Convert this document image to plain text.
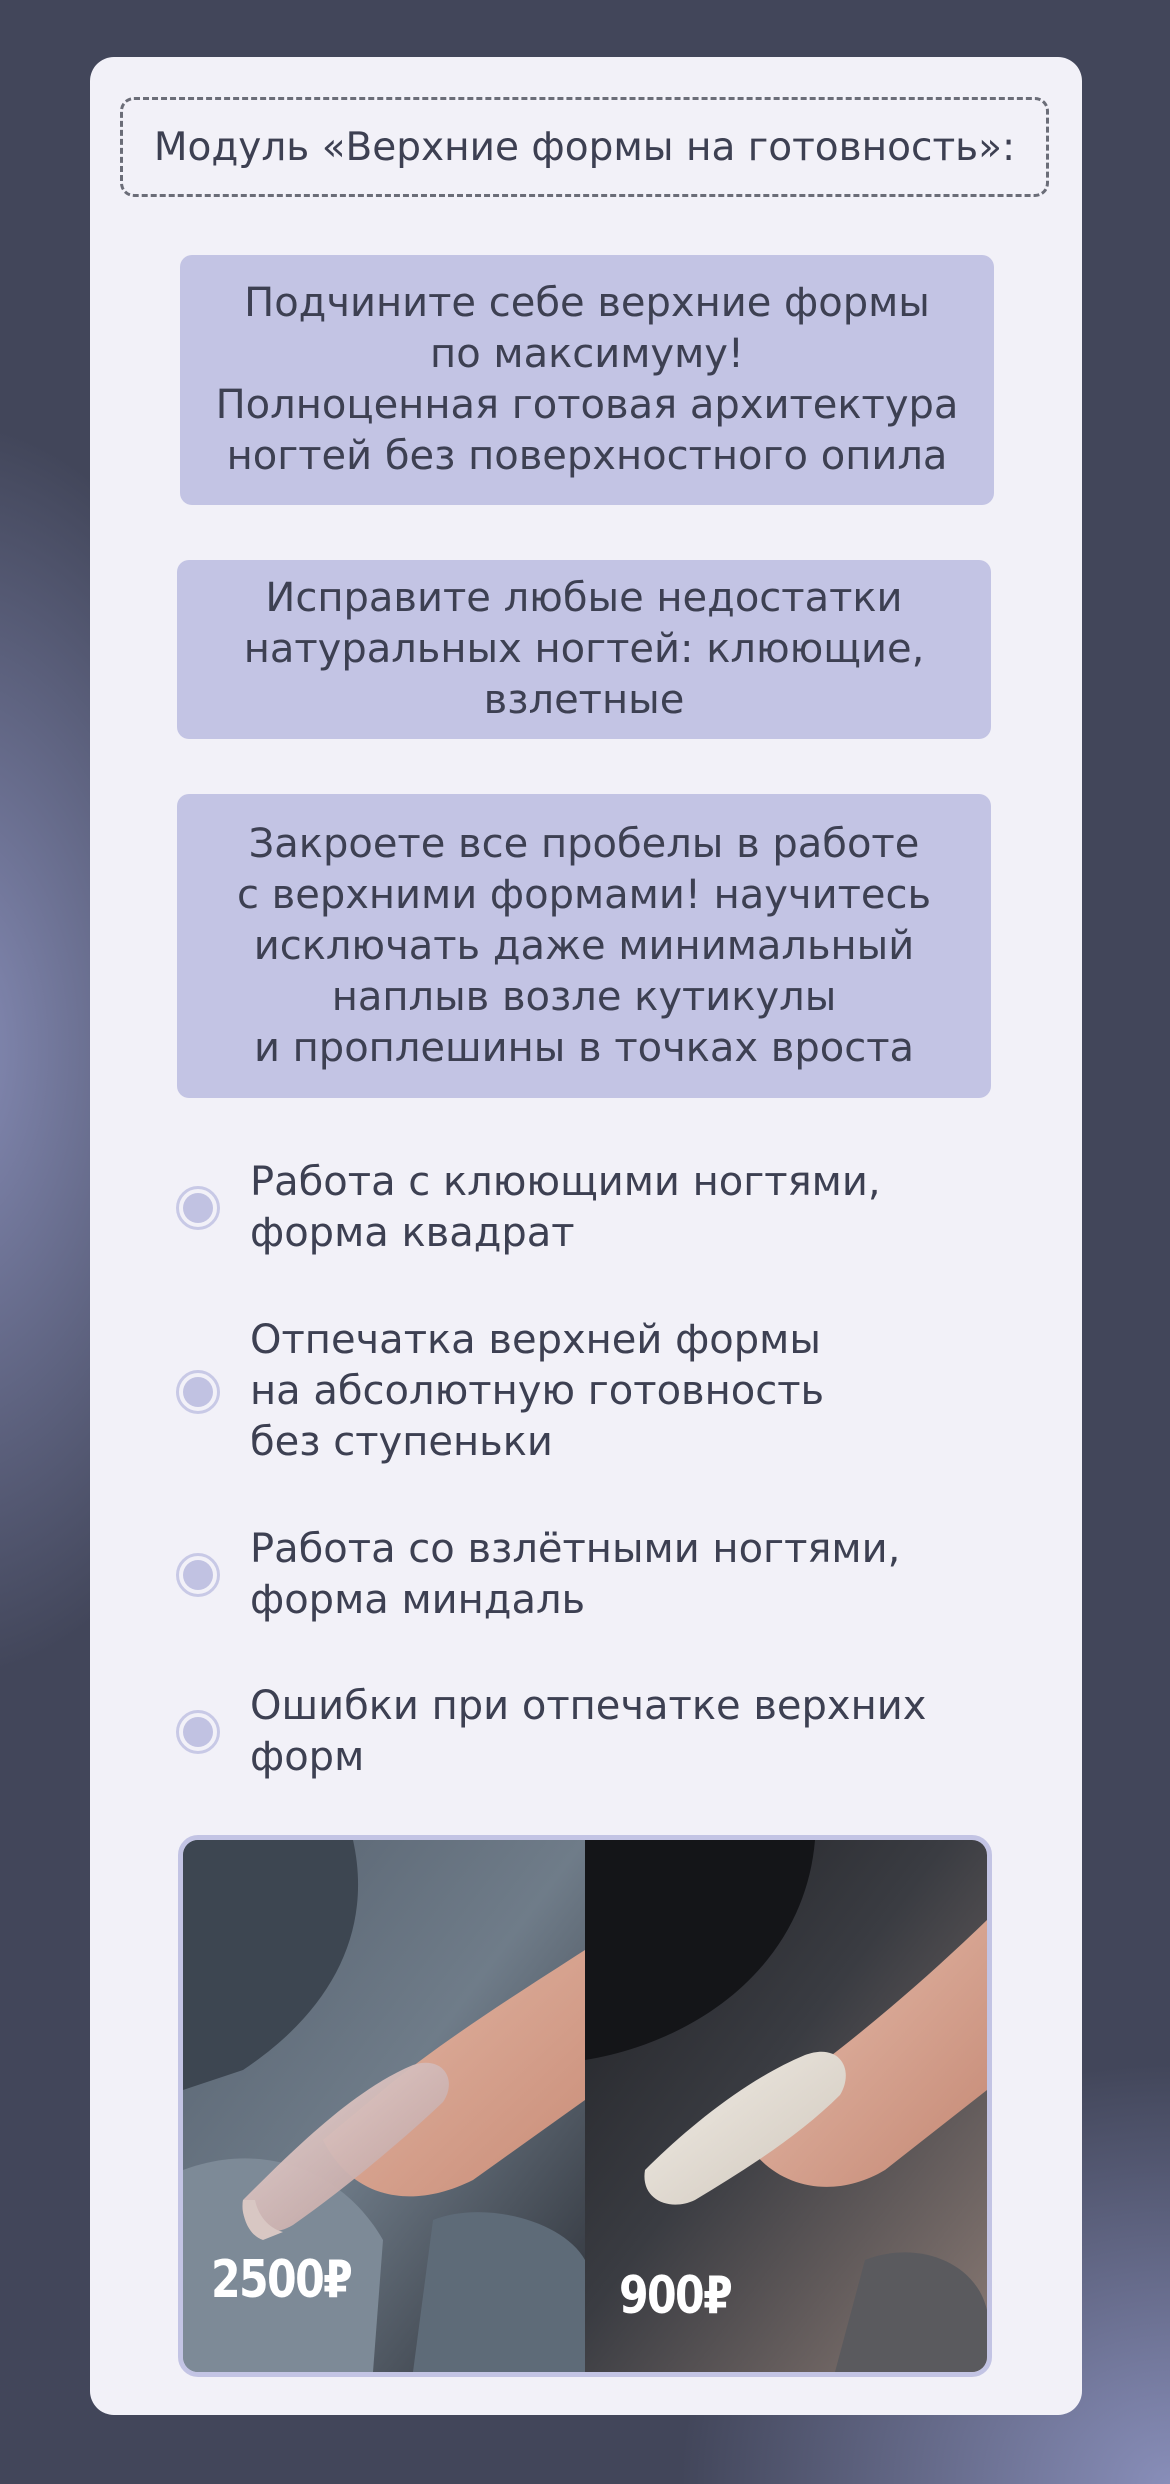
Модуль «Верхние формы на готовность»:
Подчините себе верхние формы
по максимуму!
Полноценная готовая архитектура
ногтей без поверхностного опила
Исправите любые недостатки
натуральных ногтей: клюющие,
взлетные
Закроете все пробелы в работе
с верхними формами! научитесь
исключать даже минимальный
наплыв возле кутикулы
и проплешины в точках вроста
Работа с клюющими ногтями,
форма квадрат
Отпечатка верхней формы
на абсолютную готовность
без ступеньки
Работа со взлётными ногтями,
форма миндаль
Ошибки при отпечатке верхних
форм
2500₽	900₽
